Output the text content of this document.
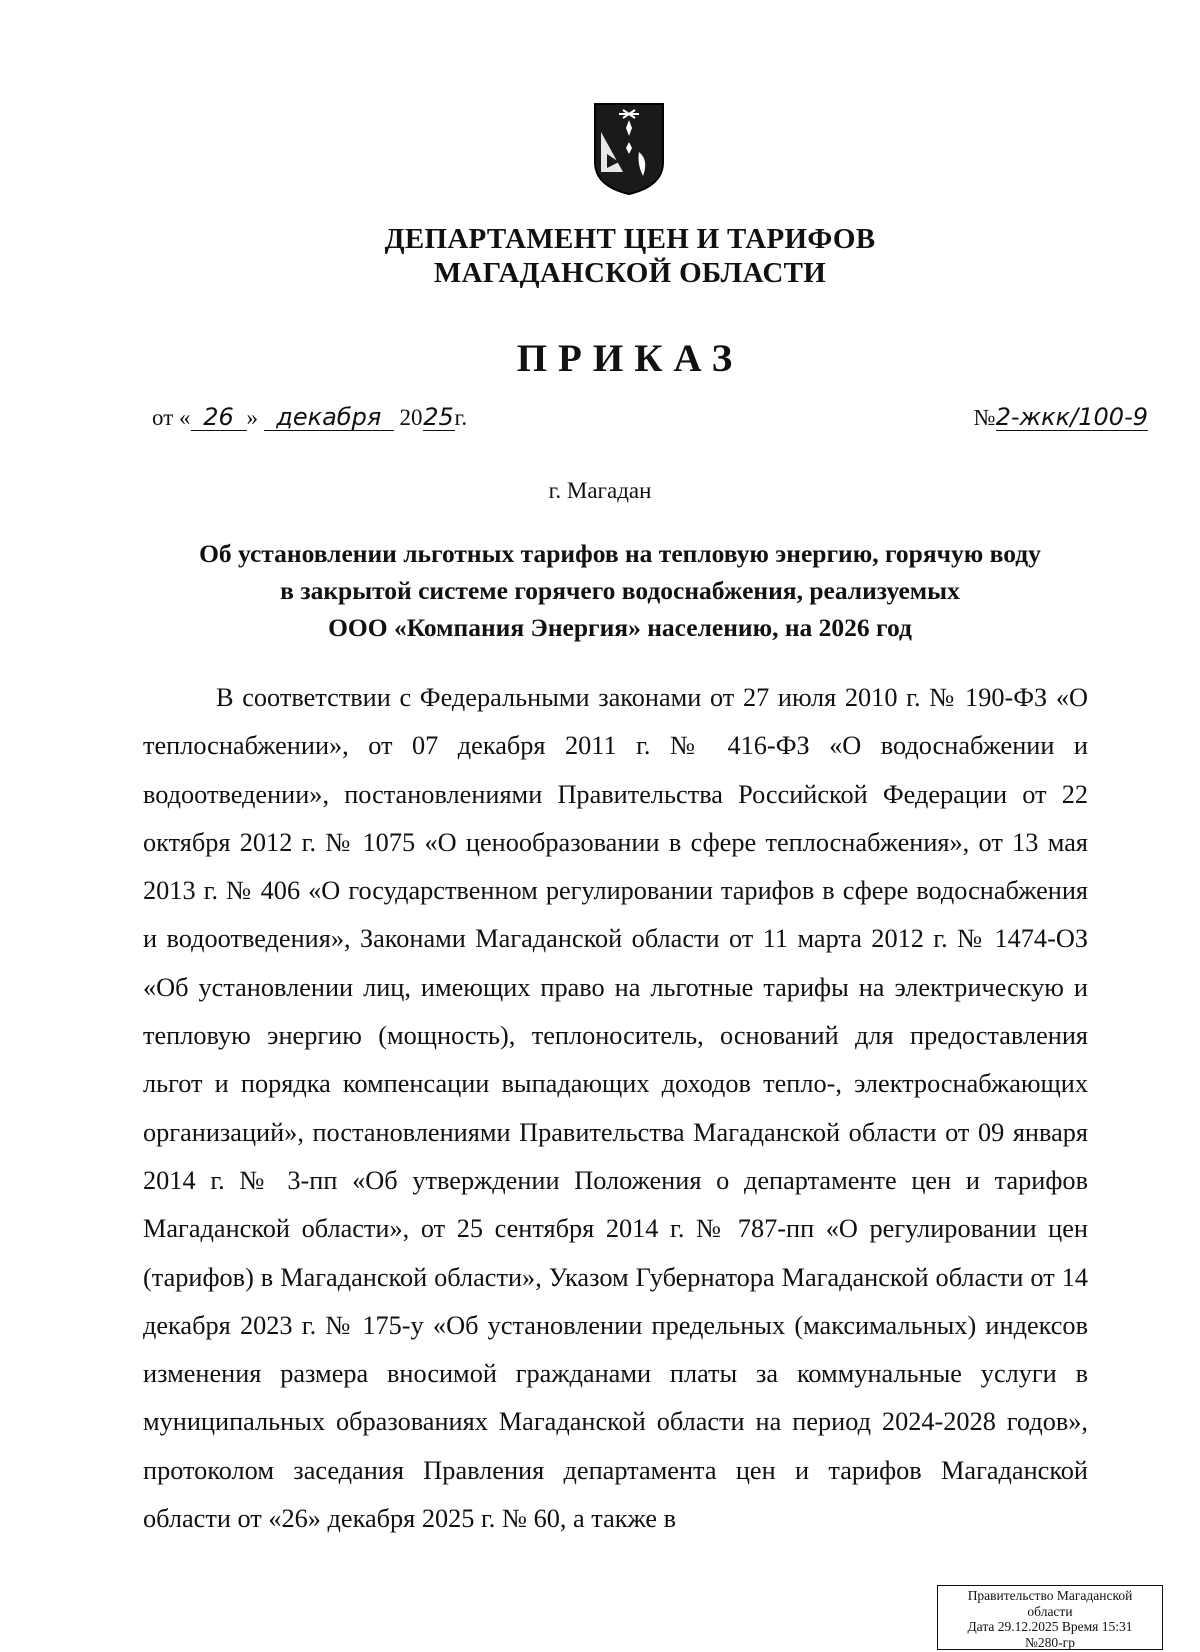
ДЕПАРТАМЕНТ ЦЕН И ТАРИФОВ
МАГАДАНСКОЙ ОБЛАСТИ
ПРИКАЗ
от « 26 » декабря 2025г.	№2-жкк/100-9
г. Магадан
Об установлении льготных тарифов на тепловую энергию, горячую воду
в закрытой системе горячего водоснабжения, реализуемых
ООО «Компания Энергия» населению, на 2026 год

В соответствии с Федеральными законами от 27 июля 2010 г. № 190-ФЗ «О теплоснабжении», от 07 декабря 2011 г. № 416-ФЗ «О водоснабжении и водоотведении», постановлениями Правительства Российской Федерации от 22 октября 2012 г. № 1075 «О ценообразовании в сфере теплоснабжения», от 13 мая 2013 г. № 406 «О государственном регулировании тарифов в сфере водоснабжения и водоотведения», Законами Магаданской области от 11 марта 2012 г. № 1474-ОЗ «Об установлении лиц, имеющих право на льготные тарифы на электрическую и тепловую энергию (мощность), теплоноситель, оснований для предоставления льгот и порядка компенсации выпадающих доходов тепло-, электроснабжающих организаций», постановлениями Правительства Магаданской области от 09 января 2014 г. № 3-пп «Об утверждении Положения о департаменте цен и тарифов Магаданской области», от 25 сентября 2014 г. № 787-пп «О регулировании цен (тарифов) в Магаданской области», Указом Губернатора Магаданской области от 14 декабря 2023 г. № 175-у «Об установлении предельных (максимальных) индексов изменения размера вносимой гражданами платы за коммунальные услуги в муниципальных образованиях Магаданской области на период 2024-2028 годов», протоколом заседания Правления департамента цен и тарифов Магаданской области от «26» декабря 2025 г. № 60, а также в

Правительство Магаданской
области
Дата 29.12.2025 Время 15:31
№280-гр
